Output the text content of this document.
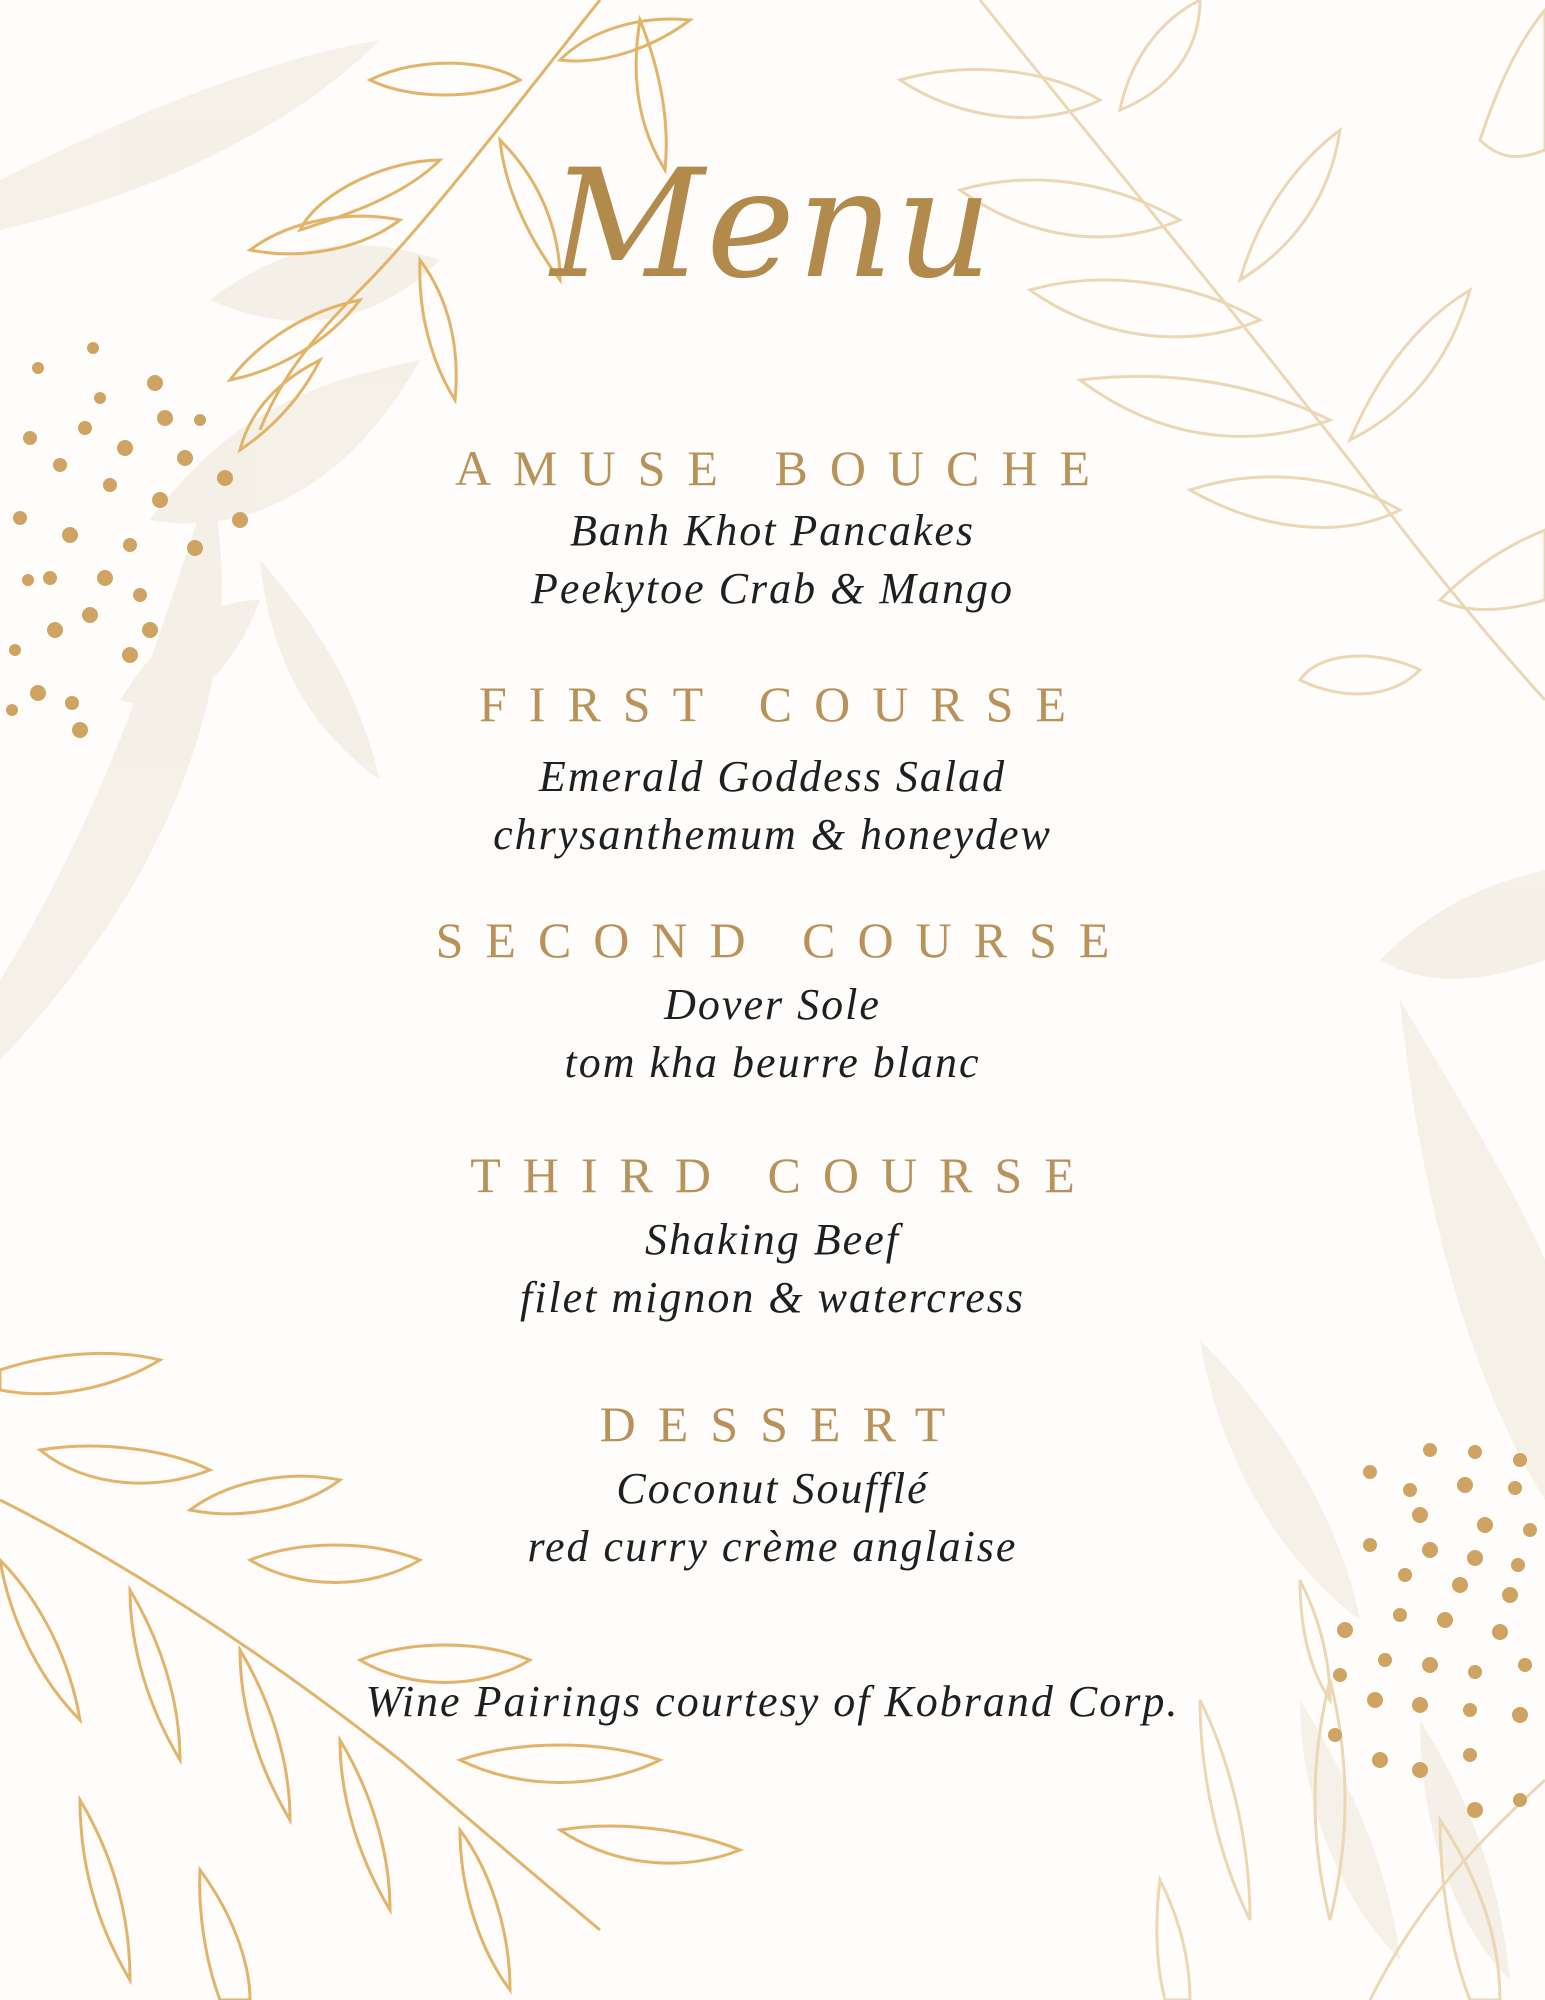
Menu
AMUSE BOUCHE
Banh Khot Pancakes
Peekytoe Crab & Mango
FIRST COURSE
Emerald Goddess Salad
chrysanthemum & honeydew
SECOND COURSE
Dover Sole
tom kha beurre blanc
THIRD COURSE
Shaking Beef
filet mignon & watercress
DESSERT
Coconut Soufflé
red curry crème anglaise
Wine Pairings courtesy of Kobrand Corp.
